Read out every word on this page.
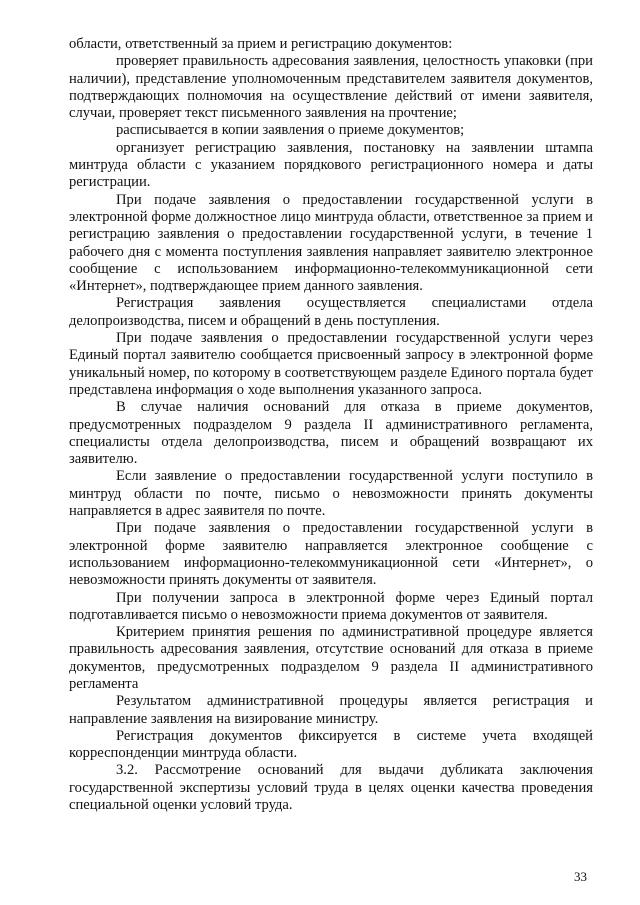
области, ответственный за прием и регистрацию документов:

проверяет правильность адресования заявления, целостность упаковки (при наличии), представление уполномоченным представителем заявителя документов, подтверждающих полномочия на осуществление действий от имени заявителя, случаи, проверяет текст письменного заявления на прочтение;

расписывается в копии заявления о приеме документов;

организует регистрацию заявления, постановку на заявлении штампа минтруда области с указанием порядкового регистрационного номера и даты регистрации.

При подаче заявления о предоставлении государственной услуги в электронной форме должностное лицо минтруда области, ответственное за прием и регистрацию заявления о предоставлении государственной услуги, в течение 1 рабочего дня с момента поступления заявления направляет заявителю электронное сообщение с использованием информационно-телекоммуникационной сети «Интернет», подтверждающее прием данного заявления.

Регистрация заявления осуществляется специалистами отдела делопроизводства, писем и обращений в день поступления.

При подаче заявления о предоставлении государственной услуги через Единый портал заявителю сообщается присвоенный запросу в электронной форме уникальный номер, по которому в соответствующем разделе Единого портала будет представлена информация о ходе выполнения указанного запроса.

В случае наличия оснований для отказа в приеме документов, предусмотренных подразделом 9 раздела II административного регламента, специалисты отдела делопроизводства, писем и обращений возвращают их заявителю.

Если заявление о предоставлении государственной услуги поступило в минтруд области по почте, письмо о невозможности принять документы направляется в адрес заявителя по почте.

При подаче заявления о предоставлении государственной услуги в электронной форме заявителю направляется электронное сообщение с использованием информационно-телекоммуникационной сети «Интернет», о невозможности принять документы от заявителя.

При получении запроса в электронной форме через Единый портал подготавливается письмо о невозможности приема документов от заявителя.

Критерием принятия решения по административной процедуре является правильность адресования заявления, отсутствие оснований для отказа в приеме документов, предусмотренных подразделом 9 раздела II административного регламента

Результатом административной процедуры является регистрация и направление заявления на визирование министру.

Регистрация документов фиксируется в системе учета входящей корреспонденции минтруда области.

3.2. Рассмотрение оснований для выдачи дубликата заключения государственной экспертизы условий труда в целях оценки качества проведения специальной оценки условий труда.

33
